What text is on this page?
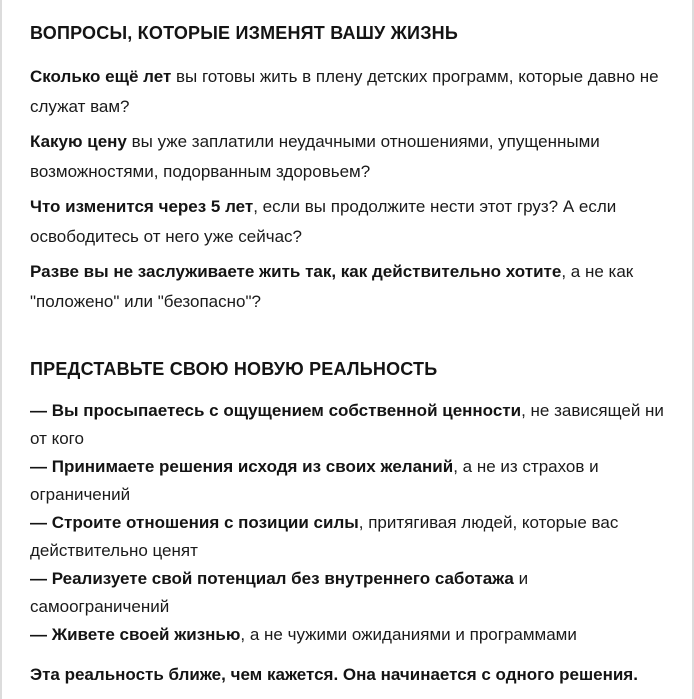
ВОПРОСЫ, КОТОРЫЕ ИЗМЕНЯТ ВАШУ ЖИЗНЬ

Сколько ещё лет вы готовы жить в плену детских программ, которые давно не служат вам?

Какую цену вы уже заплатили неудачными отношениями, упущенными возможностями, подорванным здоровьем?

Что изменится через 5 лет, если вы продолжите нести этот груз? А если освободитесь от него уже сейчас?

Разве вы не заслуживаете жить так, как действительно хотите, а не как "положено" или "безопасно"?

ПРЕДСТАВЬТЕ СВОЮ НОВУЮ РЕАЛЬНОСТЬ
— Вы просыпаетесь с ощущением собственной ценности, не зависящей ни от кого
— Принимаете решения исходя из своих желаний, а не из страхов и ограничений
— Строите отношения с позиции силы, притягивая людей, которые вас действительно ценят
— Реализуете свой потенциал без внутреннего саботажа и самоограничений
— Живете своей жизнью, а не чужими ожиданиями и программами

Эта реальность ближе, чем кажется. Она начинается с одного решения.
